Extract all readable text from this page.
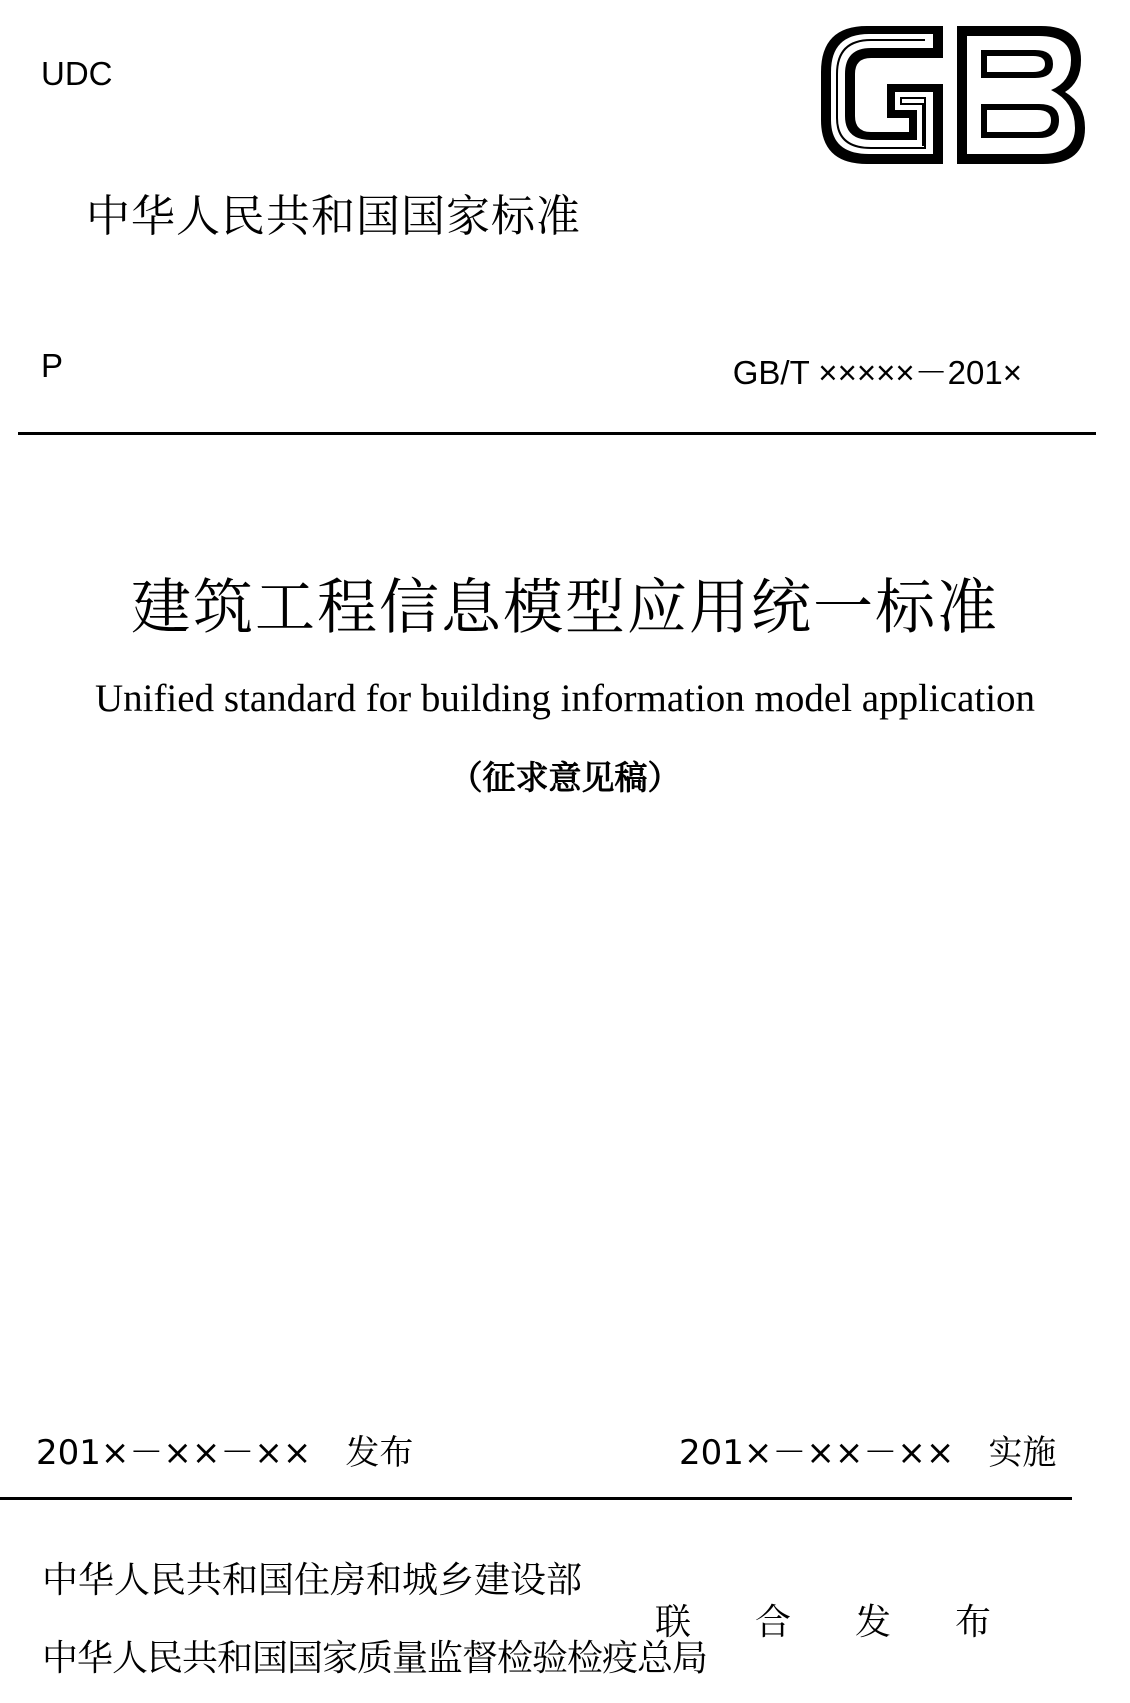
UDC
中华人民共和国国家标准
P	GB/T ×××××－201×
建筑工程信息模型应用统一标准
Unified standard for building information model application
（征求意见稿）
201×－××－××　发布	201×－××－××　实施
中华人民共和国住房和城乡建设部
中华人民共和国国家质量监督检验检疫总局
联 合 发 布
